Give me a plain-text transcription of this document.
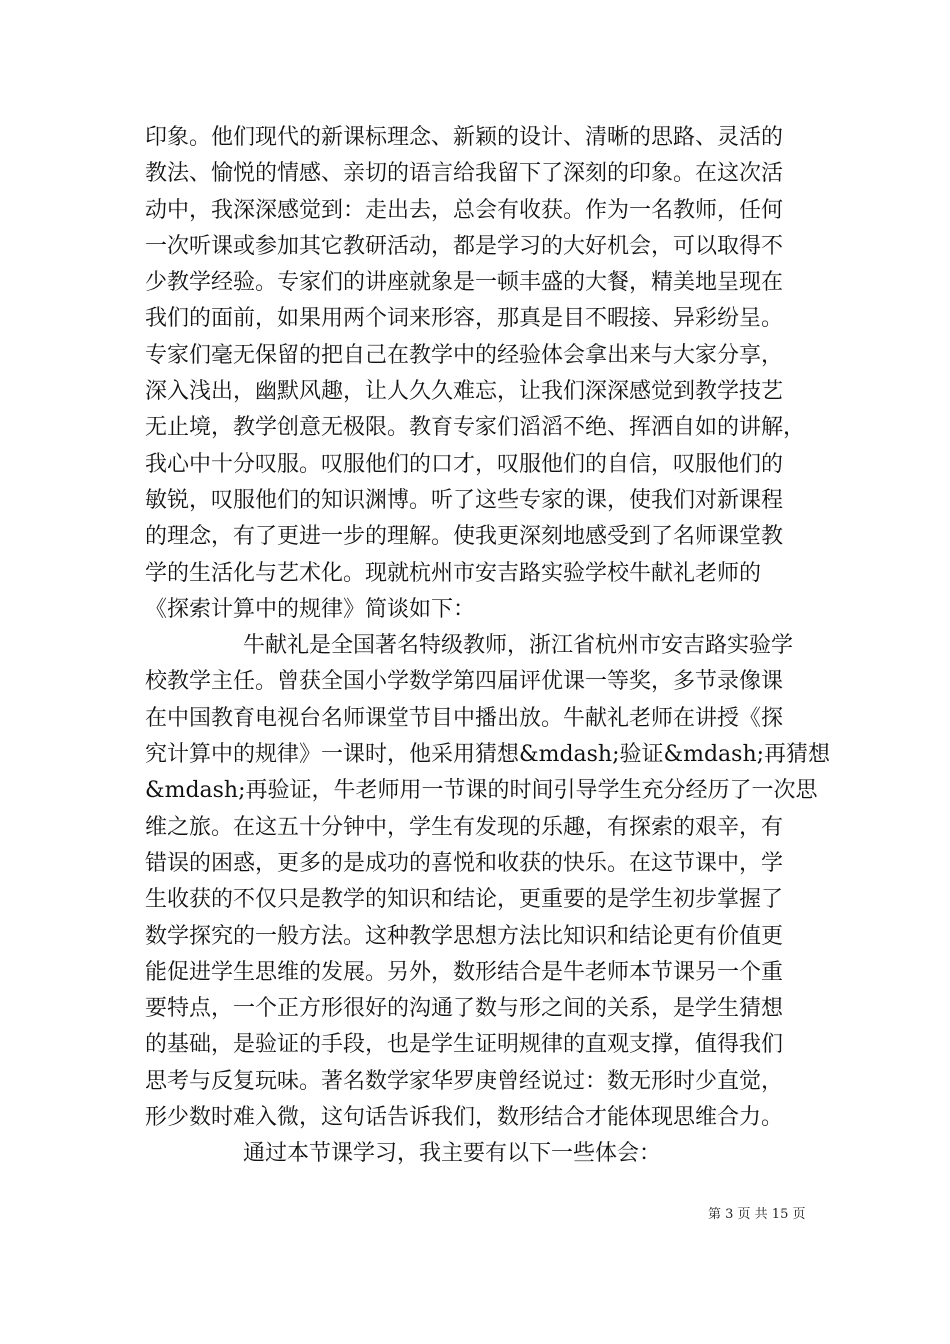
印象。他们现代的新课标理念、新颖的设计、清晰的思路、灵活的
教法、愉悦的情感、亲切的语言给我留下了深刻的印象。在这次活
动中，我深深感觉到：走出去，总会有收获。作为一名教师，任何
一次听课或参加其它教研活动，都是学习的大好机会，可以取得不
少教学经验。专家们的讲座就象是一顿丰盛的大餐，精美地呈现在
我们的面前，如果用两个词来形容，那真是目不暇接、异彩纷呈。
专家们毫无保留的把自己在教学中的经验体会拿出来与大家分享，
深入浅出，幽默风趣，让人久久难忘，让我们深深感觉到教学技艺
无止境，教学创意无极限。教育专家们滔滔不绝、挥洒自如的讲解，
我心中十分叹服。叹服他们的口才，叹服他们的自信，叹服他们的
敏锐，叹服他们的知识渊博。听了这些专家的课，使我们对新课程
的理念，有了更进一步的理解。使我更深刻地感受到了名师课堂教
学的生活化与艺术化。现就杭州市安吉路实验学校牛献礼老师的
《探索计算中的规律》简谈如下：
牛献礼是全国著名特级教师，浙江省杭州市安吉路实验学
校教学主任。曾获全国小学数学第四届评优课一等奖，多节录像课
在中国教育电视台名师课堂节目中播出放。牛献礼老师在讲授《探
究计算中的规律》一课时，他采用猜想&mdash;验证&mdash;再猜想
&mdash;再验证，牛老师用一节课的时间引导学生充分经历了一次思
维之旅。在这五十分钟中，学生有发现的乐趣，有探索的艰辛，有
错误的困惑，更多的是成功的喜悦和收获的快乐。在这节课中，学
生收获的不仅只是教学的知识和结论，更重要的是学生初步掌握了
数学探究的一般方法。这种教学思想方法比知识和结论更有价值更
能促进学生思维的发展。另外，数形结合是牛老师本节课另一个重
要特点，一个正方形很好的沟通了数与形之间的关系，是学生猜想
的基础，是验证的手段，也是学生证明规律的直观支撑，值得我们
思考与反复玩味。著名数学家华罗庚曾经说过：数无形时少直觉，
形少数时难入微，这句话告诉我们，数形结合才能体现思维合力。
通过本节课学习，我主要有以下一些体会：
第 3 页 共 15 页
